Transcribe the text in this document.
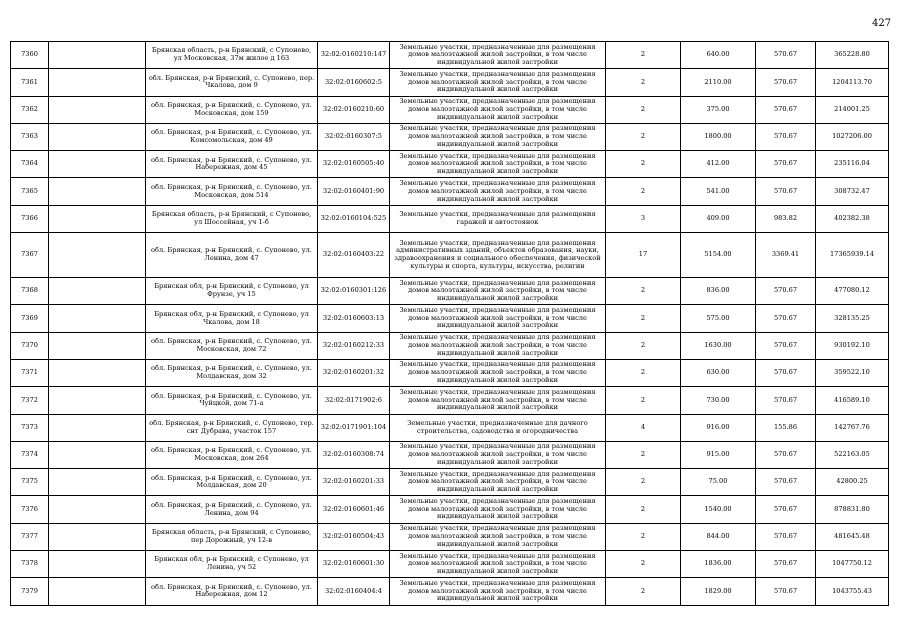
427
7360		Брянская область, р-н Брянский, с Супонево, ул Московская, 37м жилое д 163	32:02:0160210:147	Земельные участки, предназначенные для размещения домов малоэтажной жилой застройки, в том числе индивидуальной жилой застройки	2	640.00	570.67	365228.80
7361		обл. Брянская, р-н Брянский, с. Супонево, пер. Чкалова, дом 9	32:02:0160602:5	Земельные участки, предназначенные для размещения домов малоэтажной жилой застройки, в том числе индивидуальной жилой застройки	2	2110.00	570.67	1204113.70
7362		обл. Брянская, р-н Брянский, с. Супонево, ул. Московская, дом 159	32:02:0160210:60	Земельные участки, предназначенные для размещения домов малоэтажной жилой застройки, в том числе индивидуальной жилой застройки	2	375.00	570.67	214001.25
7363		обл. Брянская, р-н Брянский, с. Супонево, ул. Комсомольская, дом 49	32:02:0160307:5	Земельные участки, предназначенные для размещения домов малоэтажной жилой застройки, в том числе индивидуальной жилой застройки	2	1800.00	570.67	1027206.00
7364		обл. Брянская, р-н Брянский, с. Супонево, ул. Набережная, дом 45	32:02:0160505:40	Земельные участки, предназначенные для размещения домов малоэтажной жилой застройки, в том числе индивидуальной жилой застройки	2	412.00	570.67	235116.04
7365		обл. Брянская, р-н Брянский, с. Супонево, ул. Московская, дом 514	32:02:0160401:90	Земельные участки, предназначенные для размещения домов малоэтажной жилой застройки, в том числе индивидуальной жилой застройки	2	541.00	570.67	308732.47
7366		Брянская область, р-н Брянский, с Супонево, ул Шоссейная, уч 1-б	32:02:0160104:525	Земельные участки, предназначенные для размещения гаражей и автостоянок	3	409.00	983.82	402382.38
7367		обл. Брянская, р-н Брянский, с. Супонево, ул. Ленина, дом 47	32:02:0160403:22	Земельные участки, предназначенные для размещения административных зданий, объектов образования, науки, здравоохранения и социального обеспечения, физической культуры и спорта, культуры, искусства, религии	17	5154.00	3369.41	17365939.14
7368		Брянская обл, р-н Брянский, с Супонево, ул Фрунзе, уч 15	32:02:0160301:126	Земельные участки, предназначенные для размещения домов малоэтажной жилой застройки, в том числе индивидуальной жилой застройки	2	836.00	570.67	477080.12
7369		Брянская обл, р-н Брянский, с Супонево, ул Чкалова, дом 18	32:02:0160603:13	Земельные участки, предназначенные для размещения домов малоэтажной жилой застройки, в том числе индивидуальной жилой застройки	2	575.00	570.67	328135.25
7370		обл. Брянская, р-н Брянский, с. Супонево, ул. Московская, дом 72	32:02:0160212:33	Земельные участки, предназначенные для размещения домов малоэтажной жилой застройки, в том числе индивидуальной жилой застройки	2	1630.00	570.67	930192.10
7371		обл. Брянская, р-н Брянский, с. Супонево, ул. Молдавская, дом 32	32:02:0160201:32	Земельные участки, предназначенные для размещения домов малоэтажной жилой застройки, в том числе индивидуальной жилой застройки	2	630.00	570.67	359522.10
7372		обл. Брянская, р-н Брянский, с. Супонево, ул. Чуйцкой, дом 71-а	32:02:0171902:6	Земельные участки, предназначенные для размещения домов малоэтажной жилой застройки, в том числе индивидуальной жилой застройки	2	730.00	570.67	416589.10
7373		обл. Брянская, р-н Брянский, с. Супонево, тер. снт Дубрава, участок 157	32:02:0171901:104	Земельные участки, предназначенные для дачного строительства, садоводства и огородничества	4	916.00	155.86	142767.76
7374		обл. Брянская, р-н Брянский, с. Супонево, ул. Московская, дом 264	32:02:0160308:74	Земельные участки, предназначенные для размещения домов малоэтажной жилой застройки, в том числе индивидуальной жилой застройки	2	915.00	570.67	522163.05
7375		обл. Брянская, р-н Брянский, с. Супонево, ул. Молдавская, дом 20	32:02:0160201:33	Земельные участки, предназначенные для размещения домов малоэтажной жилой застройки, в том числе индивидуальной жилой застройки	2	75.00	570.67	42800.25
7376		обл. Брянская, р-н Брянский, с. Супонево, ул. Ленина, дом 94	32:02:0160601:46	Земельные участки, предназначенные для размещения домов малоэтажной жилой застройки, в том числе индивидуальной жилой застройки	2	1540.00	570.67	878831.80
7377		Брянская область, р-н Брянский, с Супонево, пер Дорожный, уч 12-в	32:02:0160504:43	Земельные участки, предназначенные для размещения домов малоэтажной жилой застройки, в том числе индивидуальной жилой застройки	2	844.00	570.67	481645.48
7378		Брянская обл, р-н Брянский, с Супонево, ул Ленина, уч 52	32:02:0160601:30	Земельные участки, предназначенные для размещения домов малоэтажной жилой застройки, в том числе индивидуальной жилой застройки	2	1836.00	570.67	1047750.12
7379		обл. Брянская, р-н Брянский, с. Супонево, ул. Набережная, дом 12	32:02:0160404:4	Земельные участки, предназначенные для размещения домов малоэтажной жилой застройки, в том числе индивидуальной жилой застройки	2	1829.00	570.67	1043755.43
